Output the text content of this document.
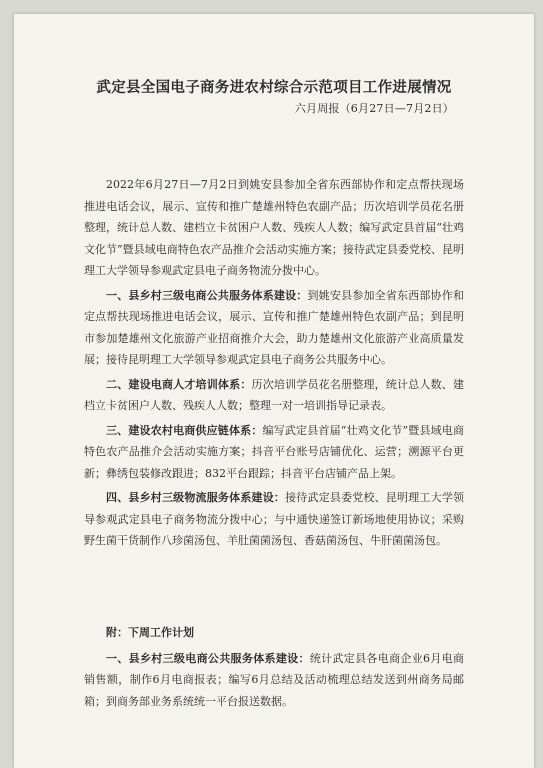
武定县全国电子商务进农村综合示范项目工作进展情况
六月周报（6月27日—7月2日）

2022年6月27日—7月2日到姚安县参加全省东西部协作和定点帮扶现场推进电话会议，展示、宣传和推广楚雄州特色农副产品；历次培训学员花名册整理，统计总人数、建档立卡贫困户人数、残疾人人数；编写武定县首届“壮鸡文化节”暨县域电商特色农产品推介会活动实施方案；接待武定县委党校、昆明理工大学领导参观武定县电子商务物流分拨中心。

一、县乡村三级电商公共服务体系建设：到姚安县参加全省东西部协作和定点帮扶现场推进电话会议，展示、宣传和推广楚雄州特色农副产品；到昆明市参加楚雄州文化旅游产业招商推介大会，助力楚雄州文化旅游产业高质量发展；接待昆明理工大学领导参观武定县电子商务公共服务中心。

二、建设电商人才培训体系：历次培训学员花名册整理，统计总人数、建档立卡贫困户人数、残疾人人数；整理一对一培训指导记录表。

三、建设农村电商供应链体系：编写武定县首届“壮鸡文化节”暨县域电商特色农产品推介会活动实施方案；抖音平台账号店铺优化、运营；溯源平台更新；彝绣包装修改跟进；832平台跟踪；抖音平台店铺产品上架。

四、县乡村三级物流服务体系建设：接待武定县委党校、昆明理工大学领导参观武定县电子商务物流分拨中心；与中通快递签订新场地使用协议；采购野生菌干货制作八珍菌汤包、羊肚菌菌汤包、香菇菌汤包、牛肝菌菌汤包。

附：下周工作计划

一、县乡村三级电商公共服务体系建设：统计武定县各电商企业6月电商销售额，制作6月电商报表；编写6月总结及活动梳理总结发送到州商务局邮箱；到商务部业务系统统一平台报送数据。
